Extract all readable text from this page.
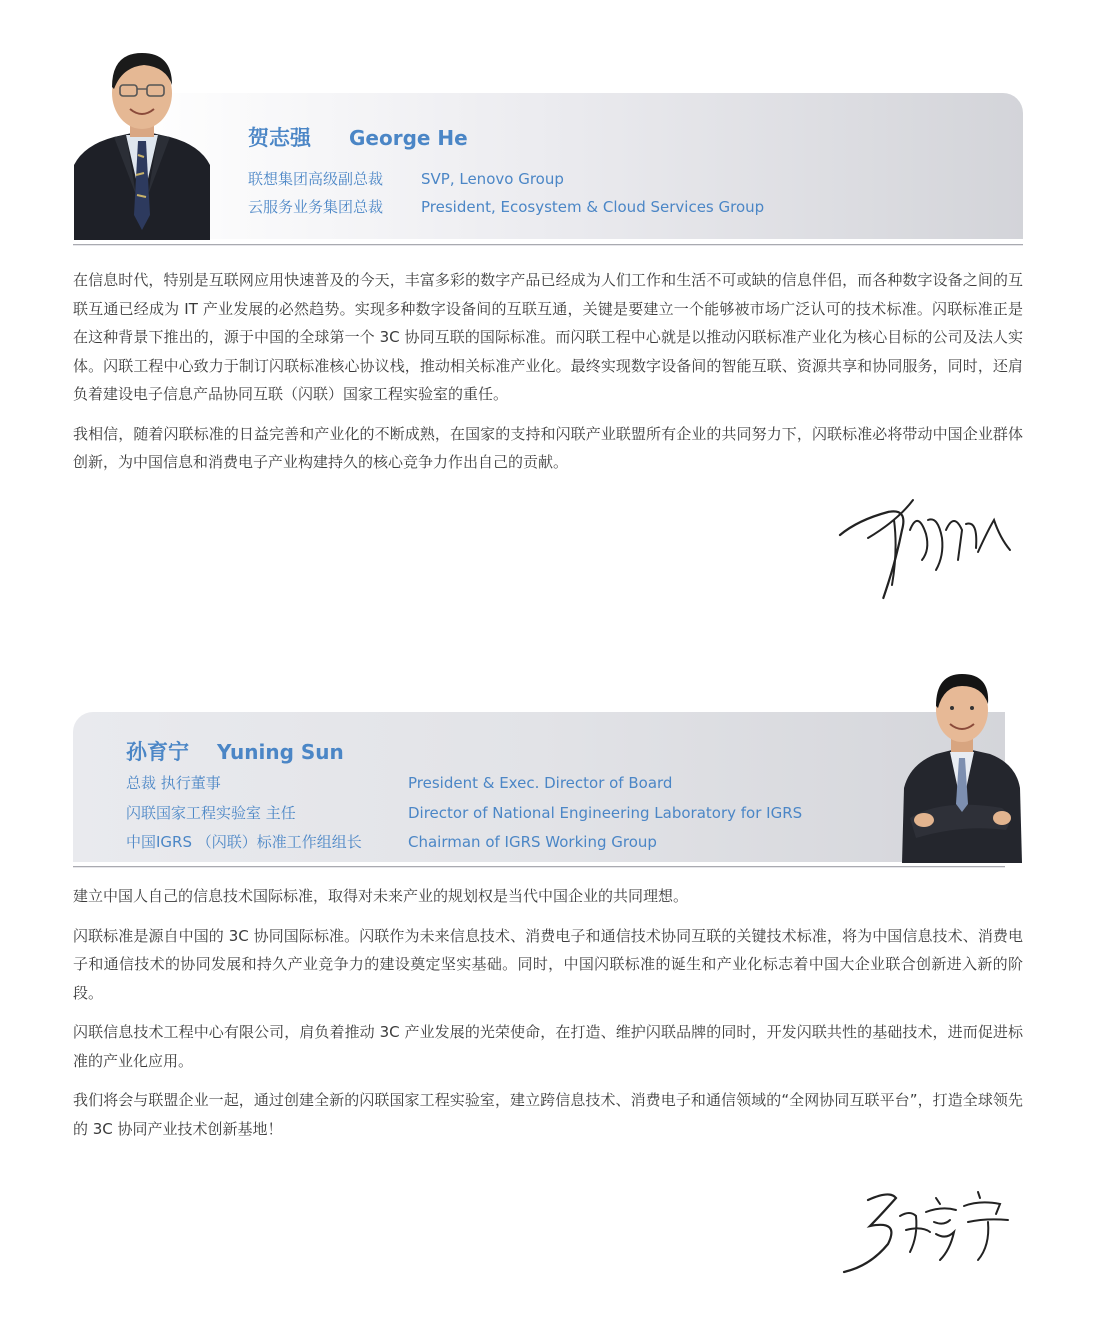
贺志强 George He
联想集团高级副总裁
云服务业务集团总裁
SVP, Lenovo Group
President, Ecosystem & Cloud Services Group

在信息时代，特别是互联网应用快速普及的今天，丰富多彩的数字产品已经成为人们工作和生活不可或缺的信息伴侣，而各种数字设备之间的互联互通已经成为 IT 产业发展的必然趋势。实现多种数字设备间的互联互通，关键是要建立一个能够被市场广泛认可的技术标准。闪联标准正是在这种背景下推出的，源于中国的全球第一个 3C 协同互联的国际标准。而闪联工程中心就是以推动闪联标准产业化为核心目标的公司及法人实体。闪联工程中心致力于制订闪联标准核心协议栈，推动相关标准产业化。最终实现数字设备间的智能互联、资源共享和协同服务，同时，还肩负着建设电子信息产品协同互联（闪联）国家工程实验室的重任。

我相信，随着闪联标准的日益完善和产业化的不断成熟，在国家的支持和闪联产业联盟所有企业的共同努力下，闪联标准必将带动中国企业群体创新，为中国信息和消费电子产业构建持久的核心竞争力作出自己的贡献。

孙育宁 Yuning Sun
总裁 执行董事
闪联国家工程实验室 主任
中国IGRS （闪联）标准工作组组长
President & Exec. Director of Board
Director of National Engineering Laboratory for IGRS
Chairman of IGRS Working Group

建立中国人自己的信息技术国际标准，取得对未来产业的规划权是当代中国企业的共同理想。

闪联标准是源自中国的 3C 协同国际标准。闪联作为未来信息技术、消费电子和通信技术协同互联的关键技术标准，将为中国信息技术、消费电子和通信技术的协同发展和持久产业竞争力的建设奠定坚实基础。同时，中国闪联标准的诞生和产业化标志着中国大企业联合创新进入新的阶段。

闪联信息技术工程中心有限公司，肩负着推动 3C 产业发展的光荣使命，在打造、维护闪联品牌的同时，开发闪联共性的基础技术，进而促进标准的产业化应用。

我们将会与联盟企业一起，通过创建全新的闪联国家工程实验室，建立跨信息技术、消费电子和通信领域的“全网协同互联平台”，打造全球领先的 3C 协同产业技术创新基地！
